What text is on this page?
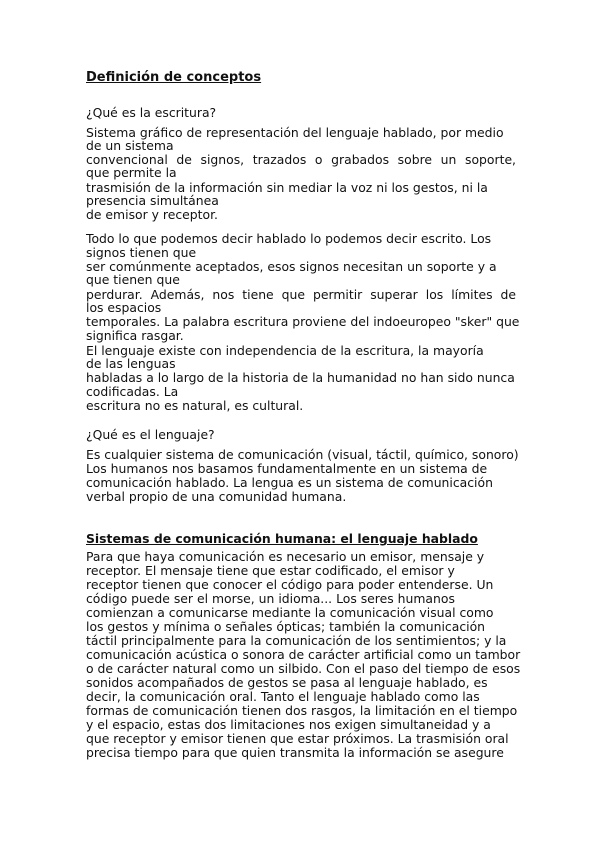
Definición de conceptos

¿Qué es la escritura?

Sistema gráfico de representación del lenguaje hablado, por medio
de un sistema
convencional de signos, trazados o grabados sobre un soporte,
que permite la
trasmisión de la información sin mediar la voz ni los gestos, ni la
presencia simultánea
de emisor y receptor.
Todo lo que podemos decir hablado lo podemos decir escrito. Los
signos tienen que
ser comúnmente aceptados, esos signos necesitan un soporte y a
que tienen que
perdurar. Además, nos tiene que permitir superar los límites de
los espacios
temporales. La palabra escritura proviene del indoeuropeo "sker" que
significa rasgar.
El lenguaje existe con independencia de la escritura, la mayoría
de las lenguas
habladas a lo largo de la historia de la humanidad no han sido nunca
codificadas. La
escritura no es natural, es cultural.

¿Qué es el lenguaje?

Es cualquier sistema de comunicación (visual, táctil, químico, sonoro)
Los humanos nos basamos fundamentalmente en un sistema de
comunicación hablado. La lengua es un sistema de comunicación
verbal propio de una comunidad humana.
Sistemas de comunicación humana: el lenguaje hablado
Para que haya comunicación es necesario un emisor, mensaje y
receptor. El mensaje tiene que estar codificado, el emisor y
receptor tienen que conocer el código para poder entenderse. Un
código puede ser el morse, un idioma... Los seres humanos
comienzan a comunicarse mediante la comunicación visual como
los gestos y mínima o señales ópticas; también la comunicación
táctil principalmente para la comunicación de los sentimientos; y la
comunicación acústica o sonora de carácter artificial como un tambor
o de carácter natural como un silbido. Con el paso del tiempo de esos
sonidos acompañados de gestos se pasa al lenguaje hablado, es
decir, la comunicación oral. Tanto el lenguaje hablado como las
formas de comunicación tienen dos rasgos, la limitación en el tiempo
y el espacio, estas dos limitaciones nos exigen simultaneidad y a
que receptor y emisor tienen que estar próximos. La trasmisión oral
precisa tiempo para que quien transmita la información se asegure
